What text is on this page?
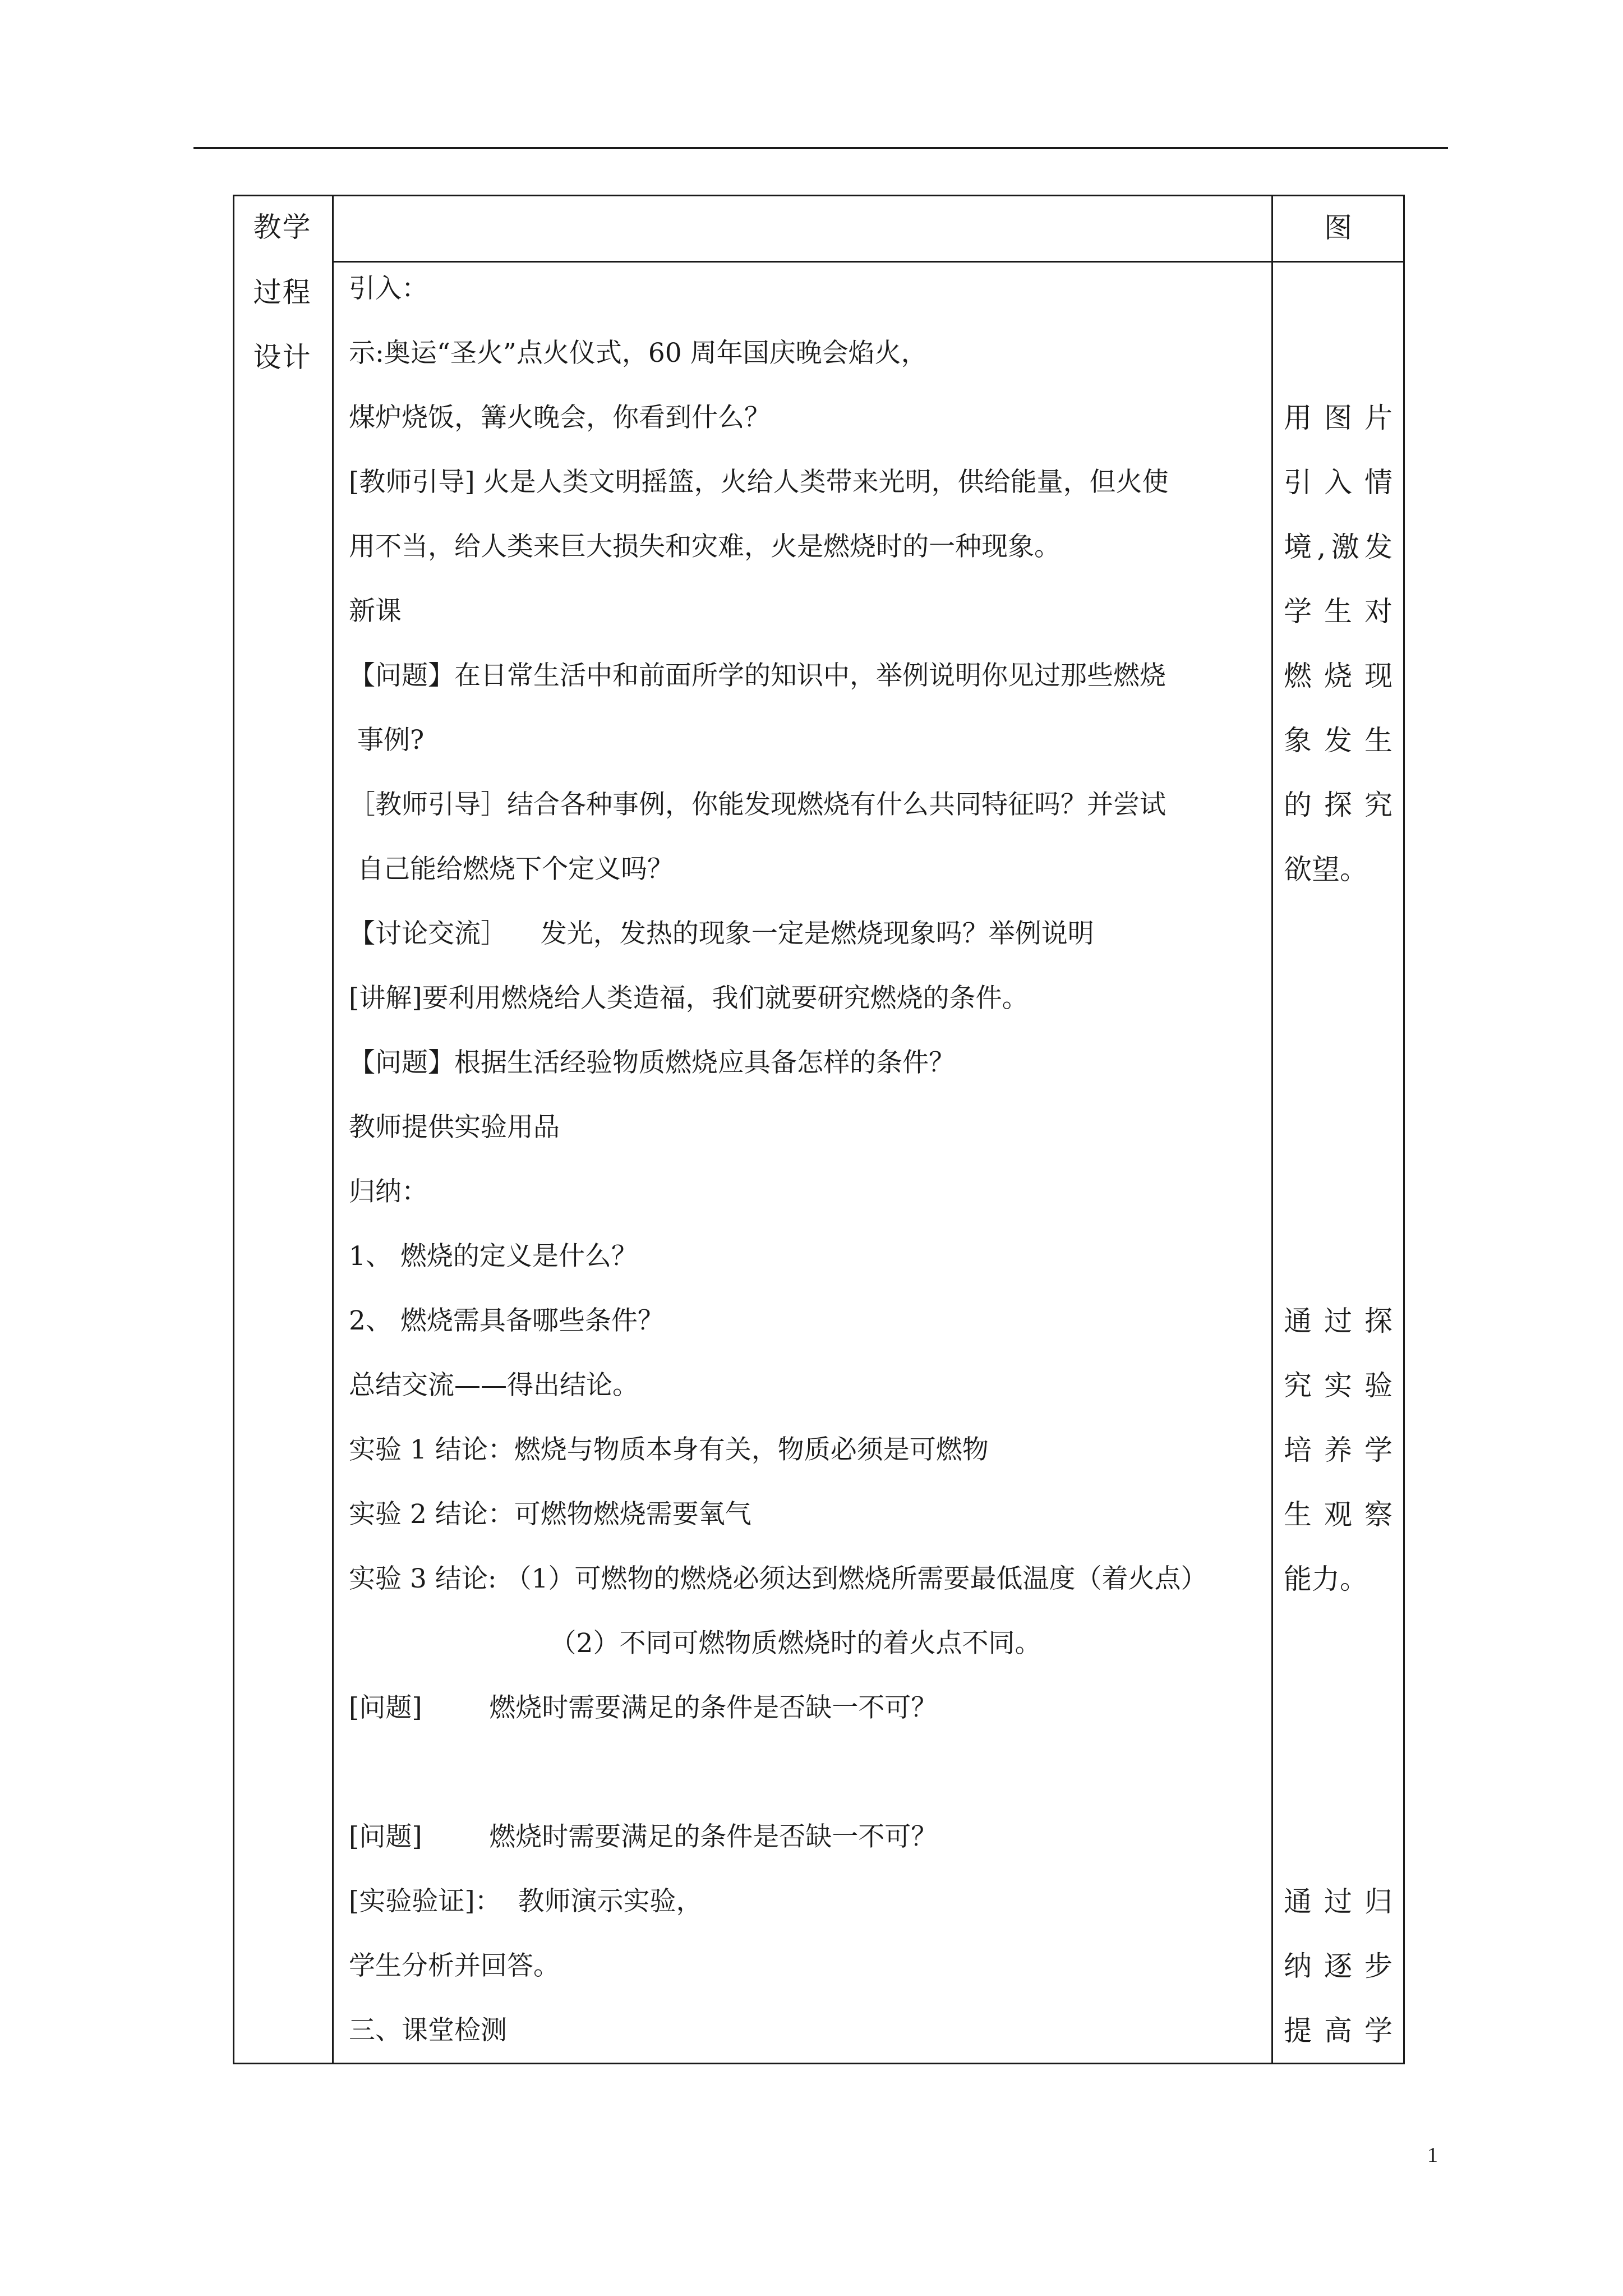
教学
过程
设计
图
引入：
示:奥运“圣火”点火仪式，60 周年国庆晚会焰火，
煤炉烧饭，篝火晚会，你看到什么？
[教师引导] 火是人类文明摇篮，火给人类带来光明，供给能量，但火使
用不当，给人类来巨大损失和灾难，火是燃烧时的一种现象。
新课
【问题】在日常生活中和前面所学的知识中，举例说明你见过那些燃烧
事例?
［教师引导］结合各种事例，你能发现燃烧有什么共同特征吗？并尝试
自己能给燃烧下个定义吗？
【讨论交流］    发光，发热的现象一定是燃烧现象吗？举例说明
[讲解]要利用燃烧给人类造福，我们就要研究燃烧的条件。
【问题】根据生活经验物质燃烧应具备怎样的条件？
教师提供实验用品
归纳：
1、 燃烧的定义是什么？
2、 燃烧需具备哪些条件？
总结交流——得出结论。
实验 1 结论：燃烧与物质本身有关，物质必须是可燃物
实验 2 结论：可燃物燃烧需要氧气
实验 3 结论: （1）可燃物的燃烧必须达到燃烧所需要最低温度（着火点）
（2）不同可燃物质燃烧时的着火点不同。
[问题]        燃烧时需要满足的条件是否缺一不可？
[问题]        燃烧时需要满足的条件是否缺一不可？
[实验验证]：  教师演示实验，
学生分析并回答。
三、课堂检测
用图片
引入情
境,激发
学生对
燃烧现
象发生
的探究
欲望。
通过探
究实验
培养学
生观察
能力。
通过归
纳逐步
提高学
1
